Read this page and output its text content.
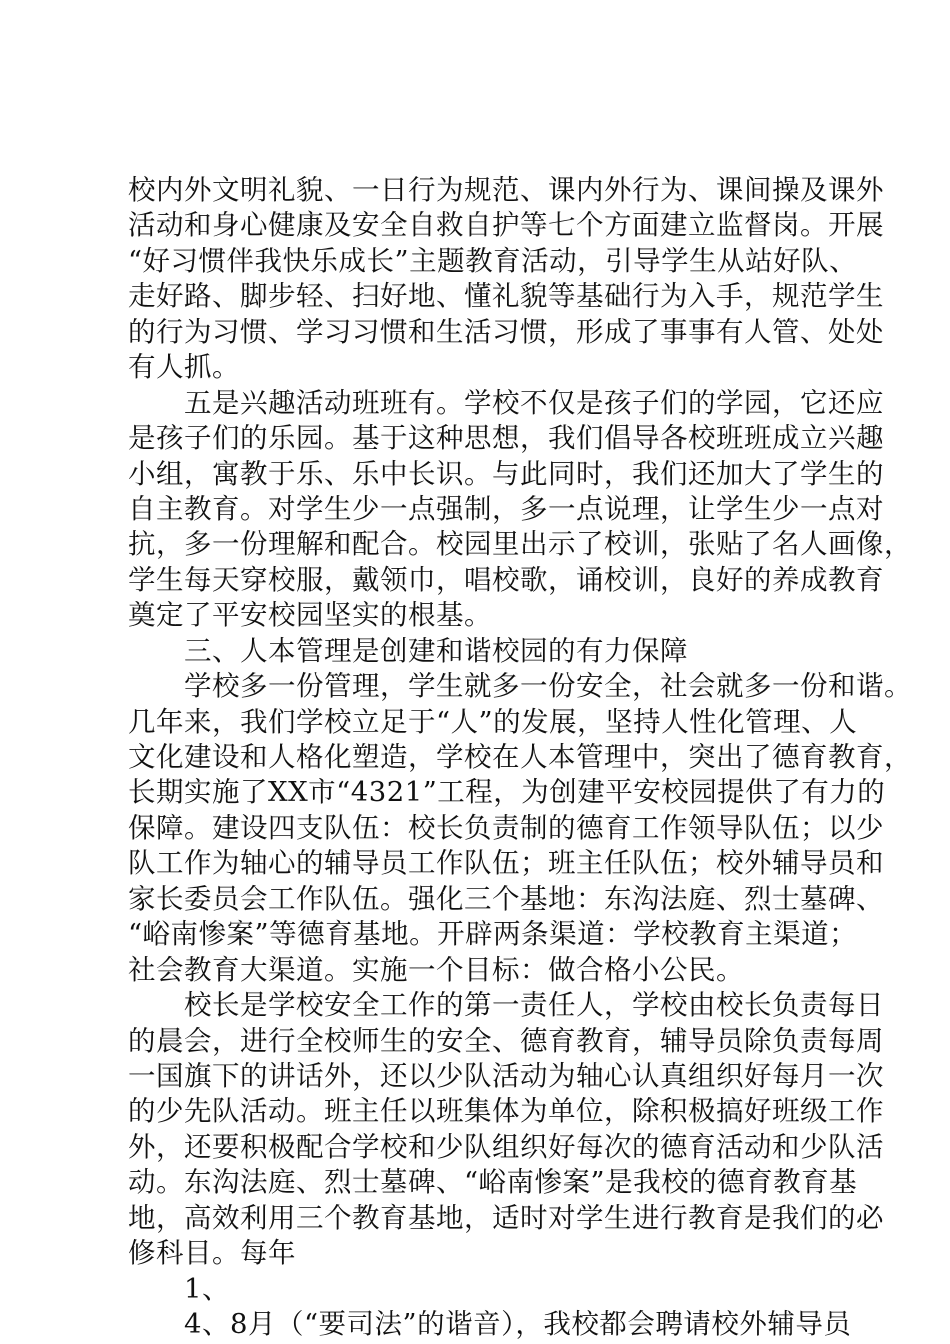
校内外文明礼貌、一日行为规范、课内外行为、课间操及课外
活动和身心健康及安全自救自护等七个方面建立监督岗。开展
“好习惯伴我快乐成长”主题教育活动，引导学生从站好队、
走好路、脚步轻、扫好地、懂礼貌等基础行为入手，规范学生
的行为习惯、学习习惯和生活习惯，形成了事事有人管、处处
有人抓。
五是兴趣活动班班有。学校不仅是孩子们的学园，它还应
是孩子们的乐园。基于这种思想，我们倡导各校班班成立兴趣
小组，寓教于乐、乐中长识。与此同时，我们还加大了学生的
自主教育。对学生少一点强制，多一点说理，让学生少一点对
抗，多一份理解和配合。校园里出示了校训，张贴了名人画像，
学生每天穿校服，戴领巾，唱校歌，诵校训，良好的养成教育
奠定了平安校园坚实的根基。
三、人本管理是创建和谐校园的有力保障
学校多一份管理，学生就多一份安全，社会就多一份和谐。
几年来，我们学校立足于“人”的发展，坚持人性化管理、人
文化建设和人格化塑造，学校在人本管理中，突出了德育教育，
长期实施了XX市“4321”工程，为创建平安校园提供了有力的
保障。建设四支队伍：校长负责制的德育工作领导队伍；以少
队工作为轴心的辅导员工作队伍；班主任队伍；校外辅导员和
家长委员会工作队伍。强化三个基地：东沟法庭、烈士墓碑、
“峪南惨案”等德育基地。开辟两条渠道：学校教育主渠道；
社会教育大渠道。实施一个目标：做合格小公民。
校长是学校安全工作的第一责任人，学校由校长负责每日
的晨会，进行全校师生的安全、德育教育，辅导员除负责每周
一国旗下的讲话外，还以少队活动为轴心认真组织好每月一次
的少先队活动。班主任以班集体为单位，除积极搞好班级工作
外，还要积极配合学校和少队组织好每次的德育活动和少队活
动。东沟法庭、烈士墓碑、“峪南惨案”是我校的德育教育基
地，高效利用三个教育基地，适时对学生进行教育是我们的必
修科目。每年
1、
4、8月（“要司法”的谐音），我校都会聘请校外辅导员
